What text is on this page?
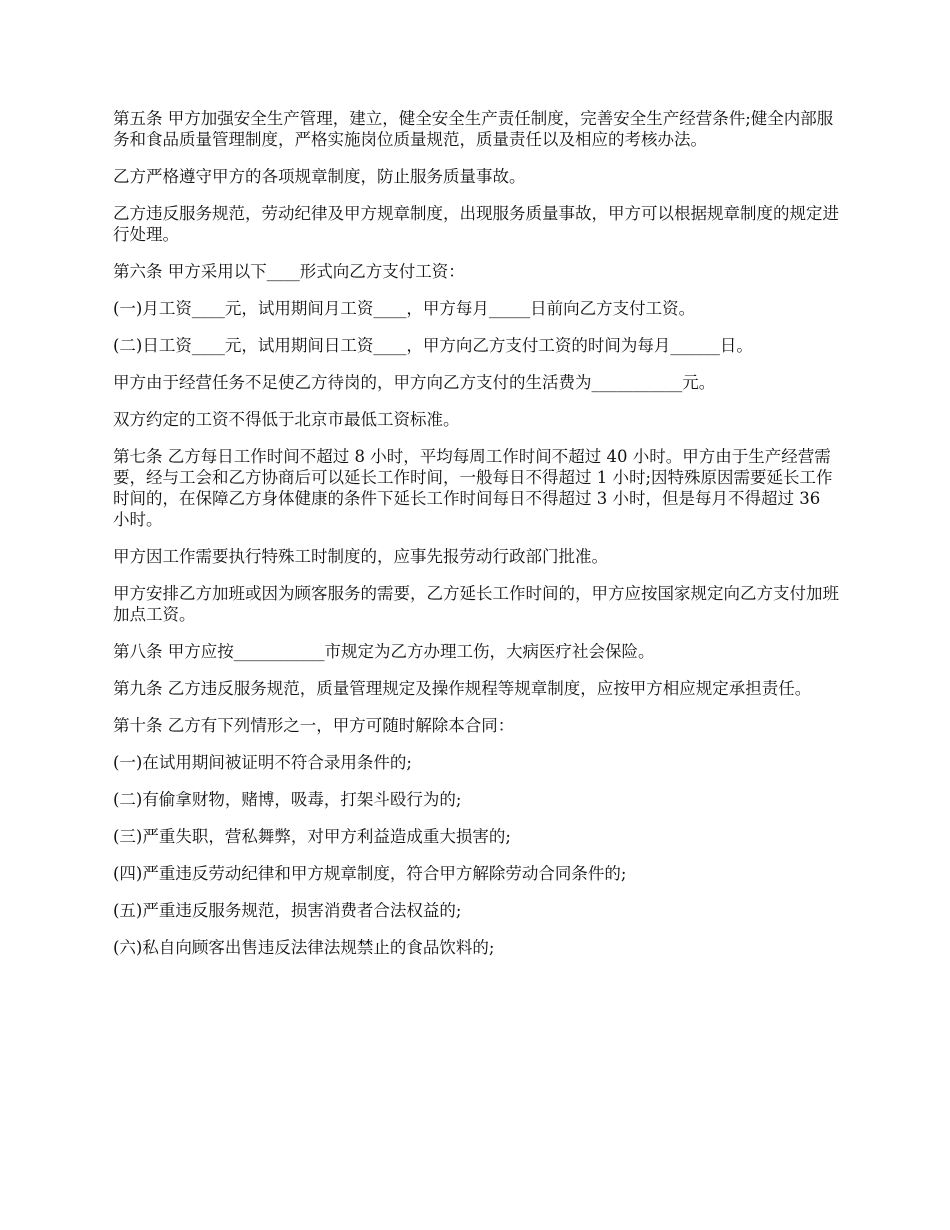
第五条 甲方加强安全生产管理，建立，健全安全生产责任制度，完善安全生产经营条件;健全内部服务和食品质量管理制度，严格实施岗位质量规范，质量责任以及相应的考核办法。

乙方严格遵守甲方的各项规章制度，防止服务质量事故。

乙方违反服务规范，劳动纪律及甲方规章制度，出现服务质量事故，甲方可以根据规章制度的规定进行处理。

第六条 甲方采用以下____形式向乙方支付工资：

(一)月工资____元，试用期间月工资____，甲方每月_____日前向乙方支付工资。

(二)日工资____元，试用期间日工资____，甲方向乙方支付工资的时间为每月______日。

甲方由于经营任务不足使乙方待岗的，甲方向乙方支付的生活费为___________元。

双方约定的工资不得低于北京市最低工资标准。

第七条 乙方每日工作时间不超过 8 小时，平均每周工作时间不超过 40 小时。甲方由于生产经营需要，经与工会和乙方协商后可以延长工作时间，一般每日不得超过 1 小时;因特殊原因需要延长工作时间的，在保障乙方身体健康的条件下延长工作时间每日不得超过 3 小时，但是每月不得超过 36 小时。

甲方因工作需要执行特殊工时制度的，应事先报劳动行政部门批准。

甲方安排乙方加班或因为顾客服务的需要，乙方延长工作时间的，甲方应按国家规定向乙方支付加班加点工资。

第八条 甲方应按___________市规定为乙方办理工伤，大病医疗社会保险。

第九条 乙方违反服务规范，质量管理规定及操作规程等规章制度，应按甲方相应规定承担责任。

第十条 乙方有下列情形之一，甲方可随时解除本合同：

(一)在试用期间被证明不符合录用条件的;

(二)有偷拿财物，赌博，吸毒，打架斗殴行为的;

(三)严重失职，营私舞弊，对甲方利益造成重大损害的;

(四)严重违反劳动纪律和甲方规章制度，符合甲方解除劳动合同条件的;

(五)严重违反服务规范，损害消费者合法权益的;

(六)私自向顾客出售违反法律法规禁止的食品饮料的;
